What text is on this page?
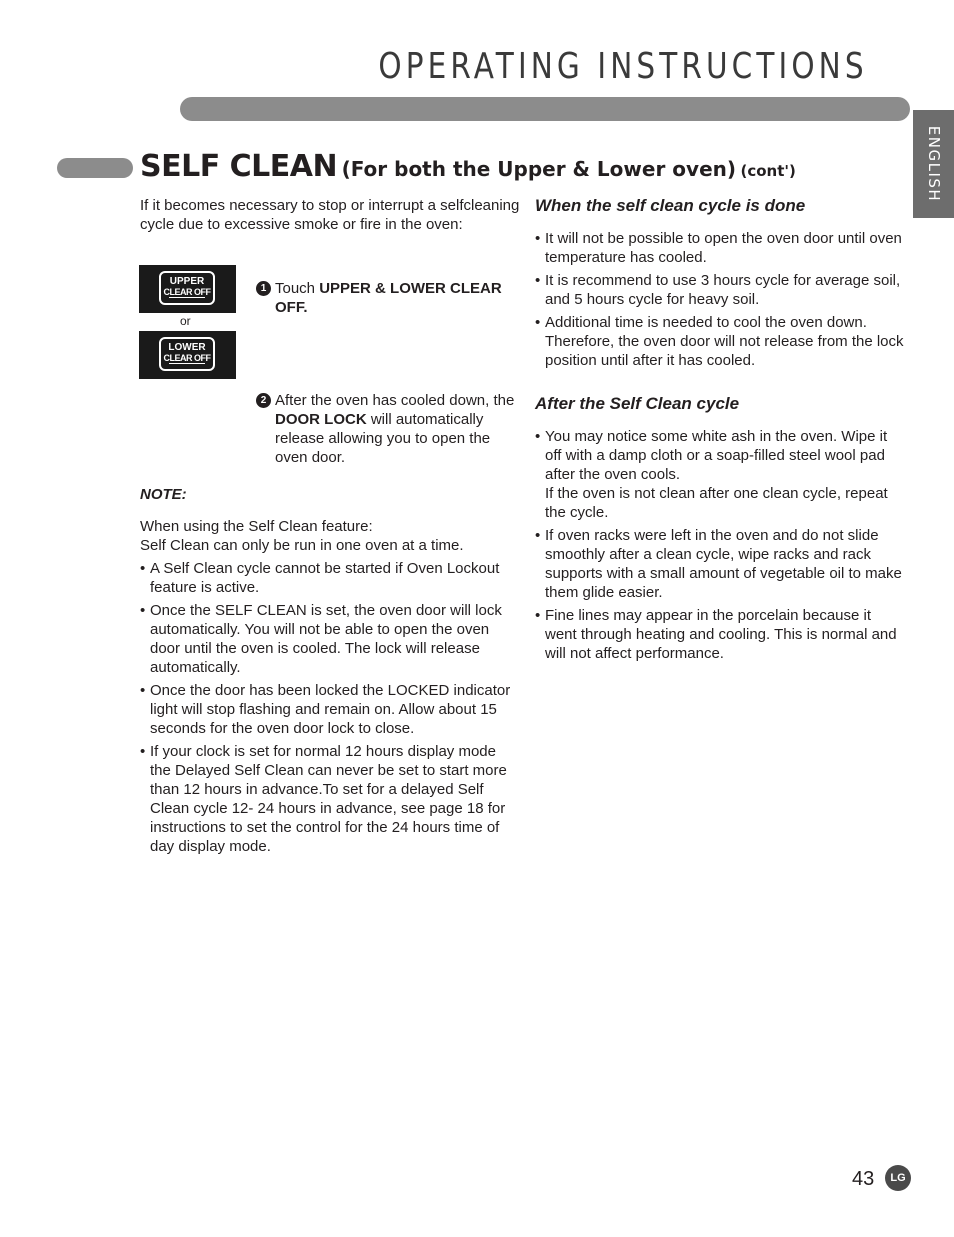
OPERATING INSTRUCTIONS
ENGLISH
SELF CLEAN (For both the Upper & Lower oven) (cont')

If it becomes necessary to stop or interrupt a selfcleaning cycle due to excessive smoke or fire in the oven:

UPPER
CLEAR OFF
or
LOWER
CLEAR OFF
1 Touch UPPER & LOWER CLEAR OFF.
2 After the oven has cooled down, the DOOR LOCK will automatically release allowing you to open the oven door.

NOTE:

When using the Self Clean feature:

Self Clean can only be run in one oven at a time.

• A Self Clean cycle cannot be started if Oven Lockout feature is active.
• Once the SELF CLEAN is set, the oven door will lock automatically. You will not be able to open the oven door until the oven is cooled. The lock will release automatically.
• Once the door has been locked the LOCKED indicator light will stop flashing and remain on. Allow about 15 seconds for the oven door lock to close.
• If your clock is set for normal 12 hours display mode the Delayed Self Clean can never be set to start more than 12 hours in advance.To set for a delayed Self Clean cycle 12- 24 hours in advance, see page 18 for instructions to set the control for the 24 hours time of day display mode.

When the self clean cycle is done

• It will not be possible to open the oven door until oven temperature has cooled.
• It is recommend to use 3 hours cycle for average soil, and 5 hours cycle for heavy soil.
• Additional time is needed to cool the oven down. Therefore, the oven door will not release from the lock position until after it has cooled.

After the Self Clean cycle

• You may notice some white ash in the oven. Wipe it off with a damp cloth or a soap-filled steel wool pad after the oven cools.
If the oven is not clean after one clean cycle, repeat the cycle.
• If oven racks were left in the oven and do not slide smoothly after a clean cycle, wipe racks and rack supports with a small amount of vegetable oil to make them glide easier.
• Fine lines may appear in the porcelain because it went through heating and cooling. This is normal and will not affect performance.
43	LG
